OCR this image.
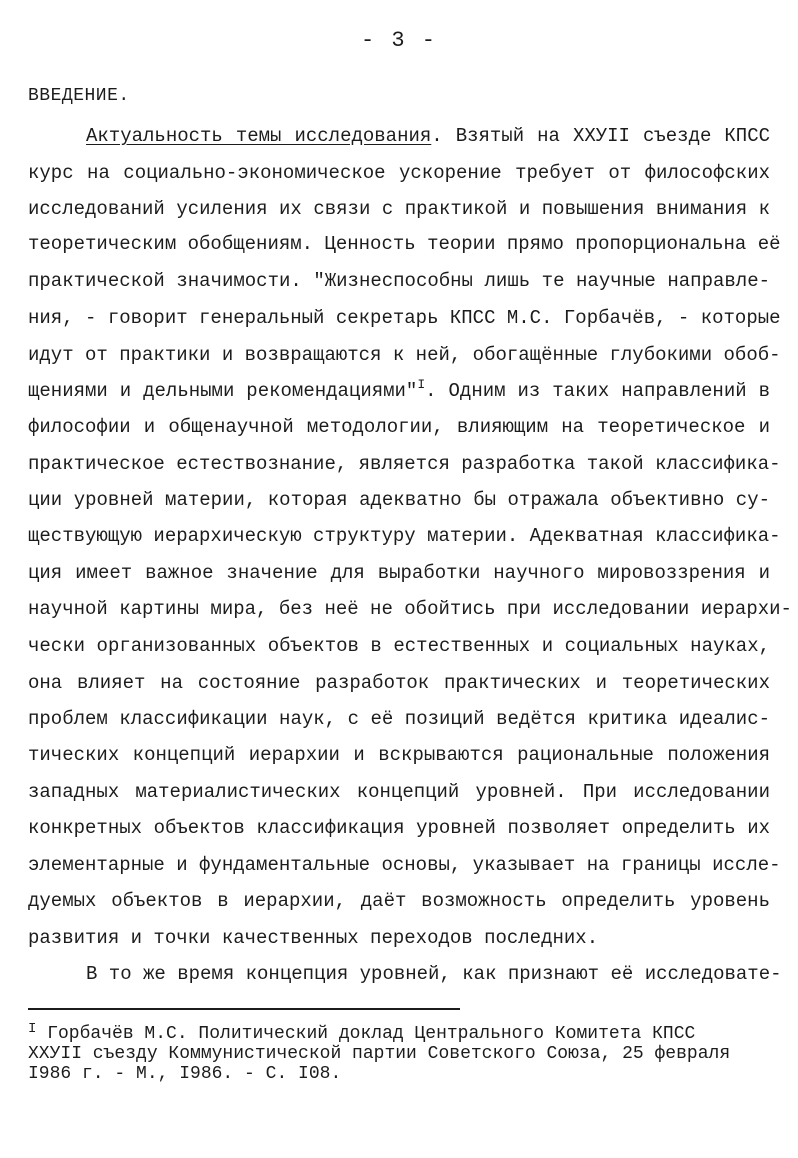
- 3 -
ВВЕДЕНИЕ.
Актуальность темы исследования. Взятый на ХХУII съезде КПСС
курс на социально-экономическое ускорение требует от философских
исследований усиления их связи с практикой и повышения внимания к
теоретическим обобщениям. Ценность теории прямо пропорциональна её
практической значимости. "Жизнеспособны лишь те научные направле-
ния, - говорит генеральный секретарь КПСС М.С. Горбачёв, - которые
идут от практики и возвращаются к ней, обогащённые глубокими обоб-
щениями и дельными рекомендациями"$^I$. Одним из таких направлений в
философии и общенаучной методологии, влияющим на теоретическое и
практическое естествознание, является разработка такой классифика-
ции уровней материи, которая адекватно бы отражала объективно су-
ществующую иерархическую структуру материи. Адекватная классифика-
ция имеет важное значение для выработки научного мировоззрения и
научной картины мира, без неё не обойтись при исследовании иерархи-
чески организованных объектов в естественных и социальных науках,
она влияет на состояние разработок практических и теоретических
проблем классификации наук, с её позиций ведётся критика идеалис-
тических концепций иерархии и вскрываются рациональные положения
западных материалистических концепций уровней. При исследовании
конкретных объектов классификация уровней позволяет определить их
элементарные и фундаментальные основы, указывает на границы иссле-
дуемых объектов в иерархии, даёт возможность определить уровень
развития и точки качественных переходов последних.
В то же время концепция уровней, как признают её исследовате-
$^I$ Горбачёв М.С. Политический доклад Центрального Комитета КПСС
ХХУII съезду Коммунистической партии Советского Союза, 25 февраля
I986 г. - М., I986. - С. I08.
